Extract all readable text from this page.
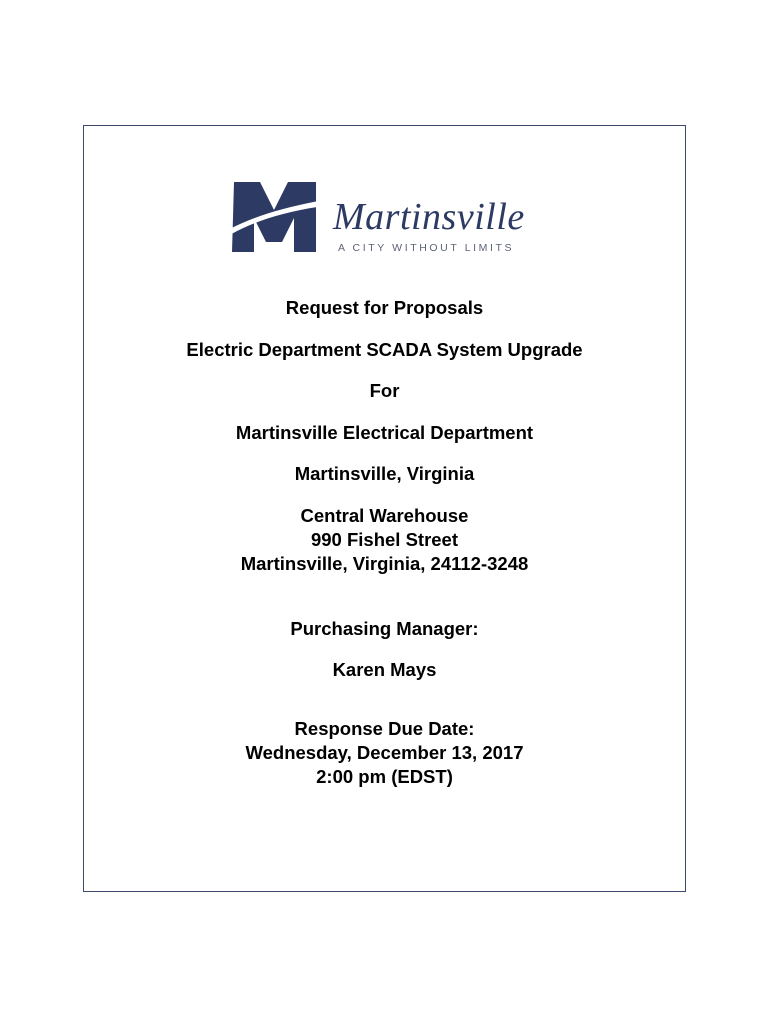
Martinsville
A CITY WITHOUT LIMITS
Request for Proposals
Electric Department SCADA System Upgrade
For
Martinsville Electrical Department
Martinsville, Virginia
Central Warehouse
990 Fishel Street
Martinsville, Virginia, 24112-3248
Purchasing Manager:
Karen Mays
Response Due Date:
Wednesday, December 13, 2017
2:00 pm (EDST)
